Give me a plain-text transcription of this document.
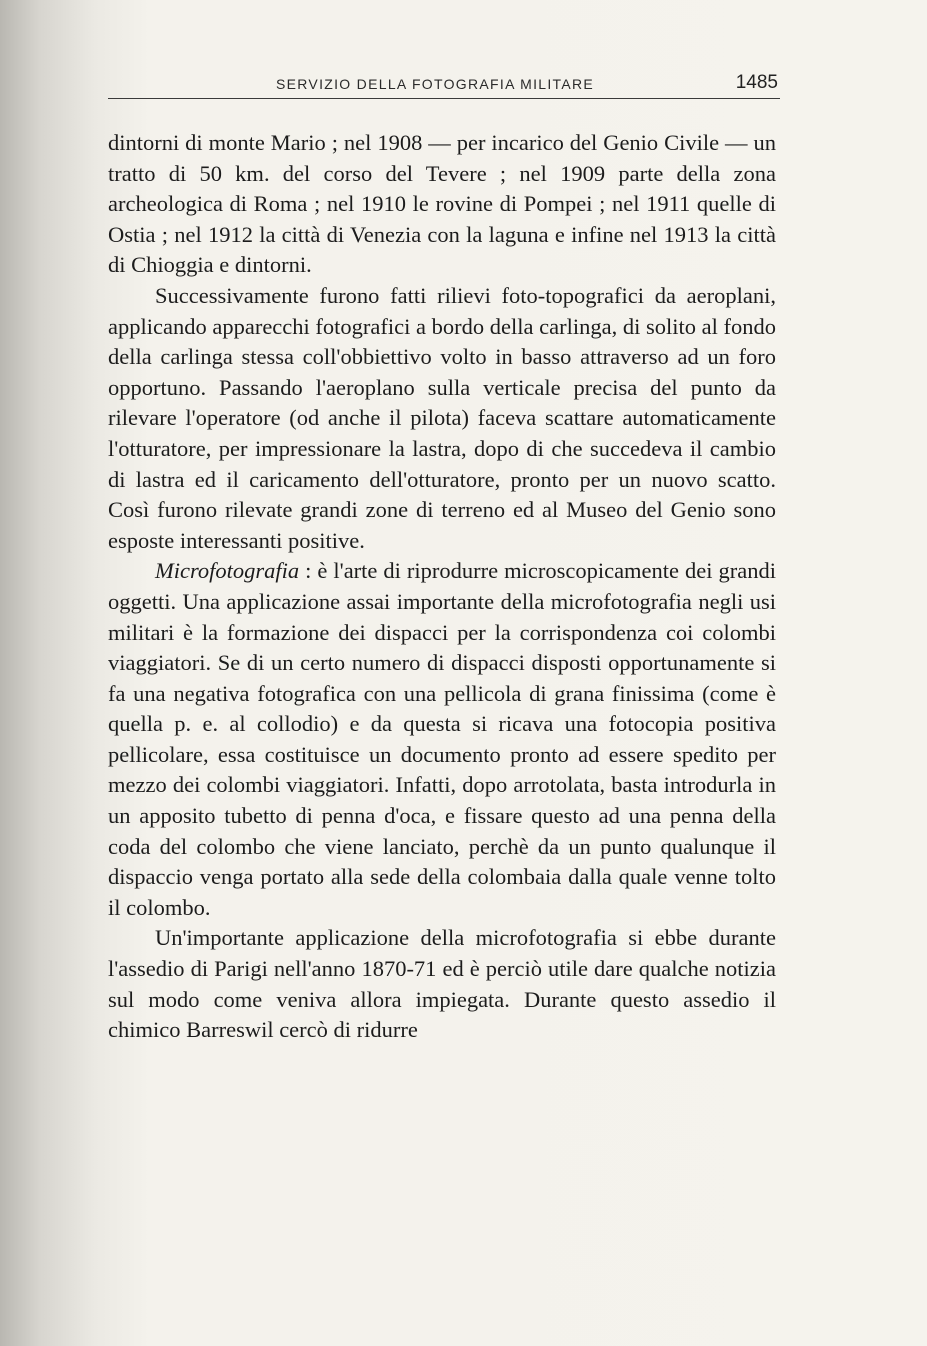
SERVIZIO DELLA FOTOGRAFIA MILITARE	1485

dintorni di monte Mario ; nel 1908 — per incarico del Genio Civile — un tratto di 50 km. del corso del Tevere ; nel 1909 parte della zona archeologica di Roma ; nel 1910 le rovine di Pompei ; nel 1911 quelle di Ostia ; nel 1912 la città di Venezia con la laguna e infine nel 1913 la città di Chioggia e dintorni.

Successivamente furono fatti rilievi foto-topografici da aeroplani, applicando apparecchi fotografici a bordo della carlinga, di solito al fondo della carlinga stessa coll'obbiettivo volto in basso attraverso ad un foro opportuno. Passando l'aeroplano sulla verticale precisa del punto da rilevare l'operatore (od anche il pilota) faceva scattare automaticamente l'otturatore, per impressionare la lastra, dopo di che succedeva il cambio di lastra ed il caricamento dell'otturatore, pronto per un nuovo scatto. Così furono rilevate grandi zone di terreno ed al Museo del Genio sono esposte interessanti positive.

Microfotografia : è l'arte di riprodurre microscopicamente dei grandi oggetti. Una applicazione assai importante della microfotografia negli usi militari è la formazione dei dispacci per la corrispondenza coi colombi viaggiatori. Se di un certo numero di dispacci disposti opportunamente si fa una negativa fotografica con una pellicola di grana finissima (come è quella p. e. al collodio) e da questa si ricava una fotocopia positiva pellicolare, essa costituisce un documento pronto ad essere spedito per mezzo dei colombi viaggiatori. Infatti, dopo arrotolata, basta introdurla in un apposito tubetto di penna d'oca, e fissare questo ad una penna della coda del colombo che viene lanciato, perchè da un punto qualunque il dispaccio venga portato alla sede della colombaia dalla quale venne tolto il colombo.

Un'importante applicazione della microfotografia si ebbe durante l'assedio di Parigi nell'anno 1870-71 ed è perciò utile dare qualche notizia sul modo come veniva allora impiegata. Durante questo assedio il chimico Barreswil cercò di ridurre
